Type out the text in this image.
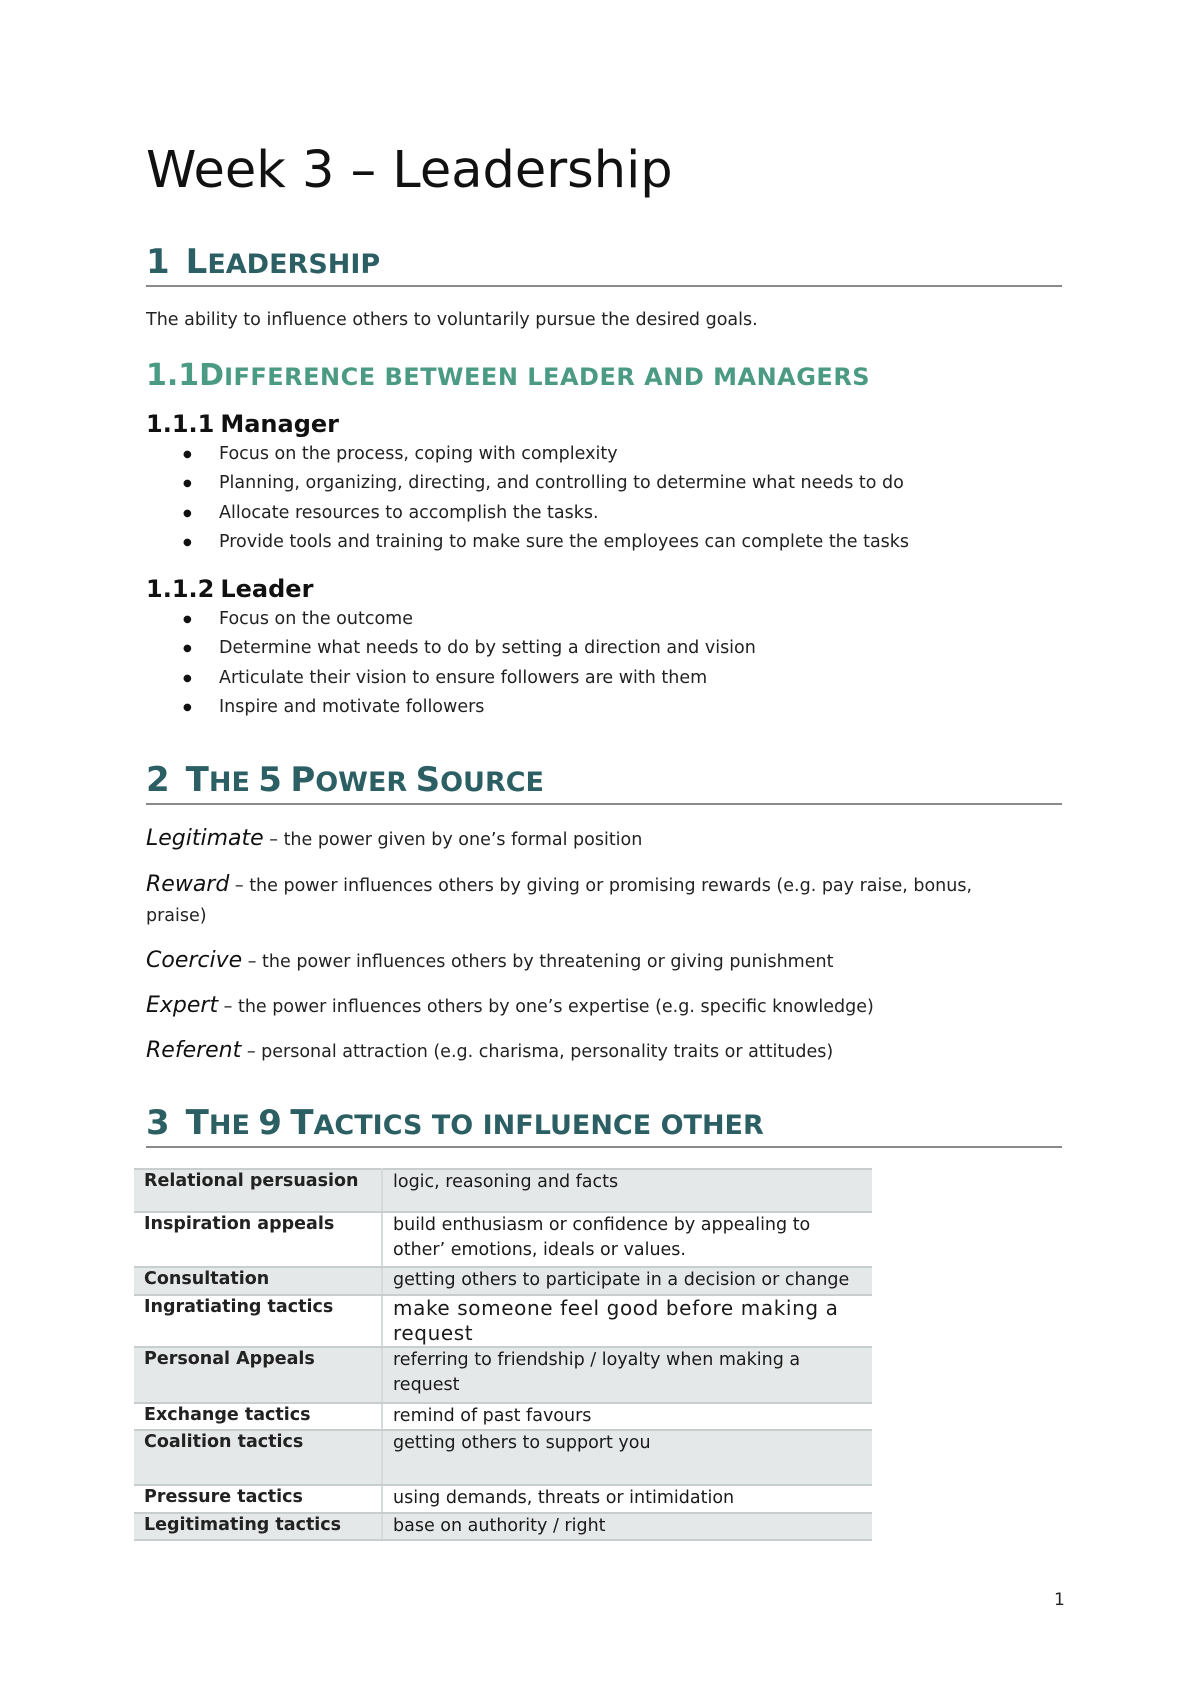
Week 3 – Leadership
1 LEADERSHIP

The ability to influence others to voluntarily pursue the desired goals.

1.1DIFFERENCE BETWEEN LEADER AND MANAGERS
1.1.1 Manager
● Focus on the process, coping with complexity
● Planning, organizing, directing, and controlling to determine what needs to do
● Allocate resources to accomplish the tasks.
● Provide tools and training to make sure the employees can complete the tasks
1.1.2 Leader
● Focus on the outcome
● Determine what needs to do by setting a direction and vision
● Articulate their vision to ensure followers are with them
● Inspire and motivate followers
2 THE 5 POWER SOURCE

Legitimate – the power given by one’s formal position

Reward – the power influences others by giving or promising rewards (e.g. pay raise, bonus, praise)

Coercive – the power influences others by threatening or giving punishment

Expert – the power influences others by one’s expertise (e.g. specific knowledge)

Referent – personal attraction (e.g. charisma, personality traits or attitudes)

3 THE 9 TACTICS TO INFLUENCE OTHER
Relational persuasion	logic, reasoning and facts
Inspiration appeals	build enthusiasm or confidence by appealing to other’ emotions, ideals or values.
Consultation	getting others to participate in a decision or change
Ingratiating tactics	make someone feel good before making a request
Personal Appeals	referring to friendship / loyalty when making a request
Exchange tactics	remind of past favours
Coalition tactics	getting others to support you
Pressure tactics	using demands, threats or intimidation
Legitimating tactics	base on authority / right
1
